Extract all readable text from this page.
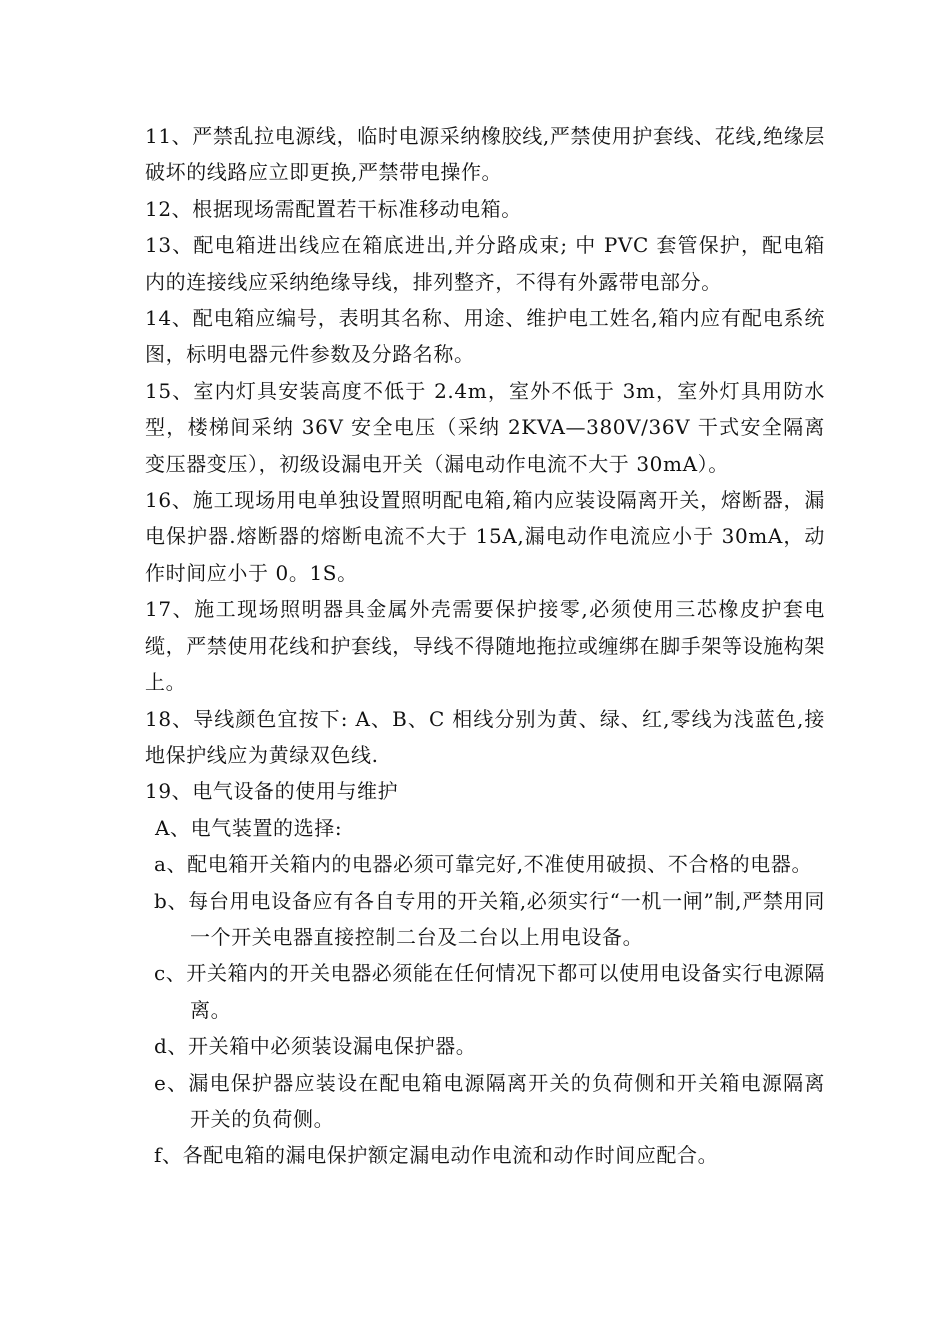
11、严禁乱拉电源线，临时电源采纳橡胶线,严禁使用护套线、花线,绝缘层破坏的线路应立即更换,严禁带电操作。

12、根据现场需配置若干标准移动电箱。

13、配电箱进出线应在箱底进出,并分路成束; 中 PVC 套管保护，配电箱内的连接线应采纳绝缘导线，排列整齐，不得有外露带电部分。

14、配电箱应编号，表明其名称、用途、维护电工姓名,箱内应有配电系统图，标明电器元件参数及分路名称。

15、室内灯具安装高度不低于 2.4m，室外不低于 3m，室外灯具用防水型，楼梯间采纳 36V 安全电压（采纳 2KVA—380V/36V 干式安全隔离变压器变压），初级设漏电开关（漏电动作电流不大于 30mA）。

16、施工现场用电单独设置照明配电箱,箱内应装设隔离开关，熔断器，漏电保护器.熔断器的熔断电流不大于 15A,漏电动作电流应小于 30mA，动作时间应小于 0。1S。

17、施工现场照明器具金属外壳需要保护接零,必须使用三芯橡皮护套电缆，严禁使用花线和护套线，导线不得随地拖拉或缠绑在脚手架等设施构架上。

18、导线颜色宜按下: A、B、C 相线分别为黄、绿、红,零线为浅蓝色,接地保护线应为黄绿双色线.

19、电气设备的使用与维护

A、电气装置的选择:

a、配电箱开关箱内的电器必须可靠完好,不准使用破损、不合格的电器。

b、每台用电设备应有各自专用的开关箱,必须实行“一机一闸”制,严禁用同一个开关电器直接控制二台及二台以上用电设备。

c、开关箱内的开关电器必须能在任何情况下都可以使用电设备实行电源隔离。

d、开关箱中必须装设漏电保护器。

e、漏电保护器应装设在配电箱电源隔离开关的负荷侧和开关箱电源隔离开关的负荷侧。

f、各配电箱的漏电保护额定漏电动作电流和动作时间应配合。
